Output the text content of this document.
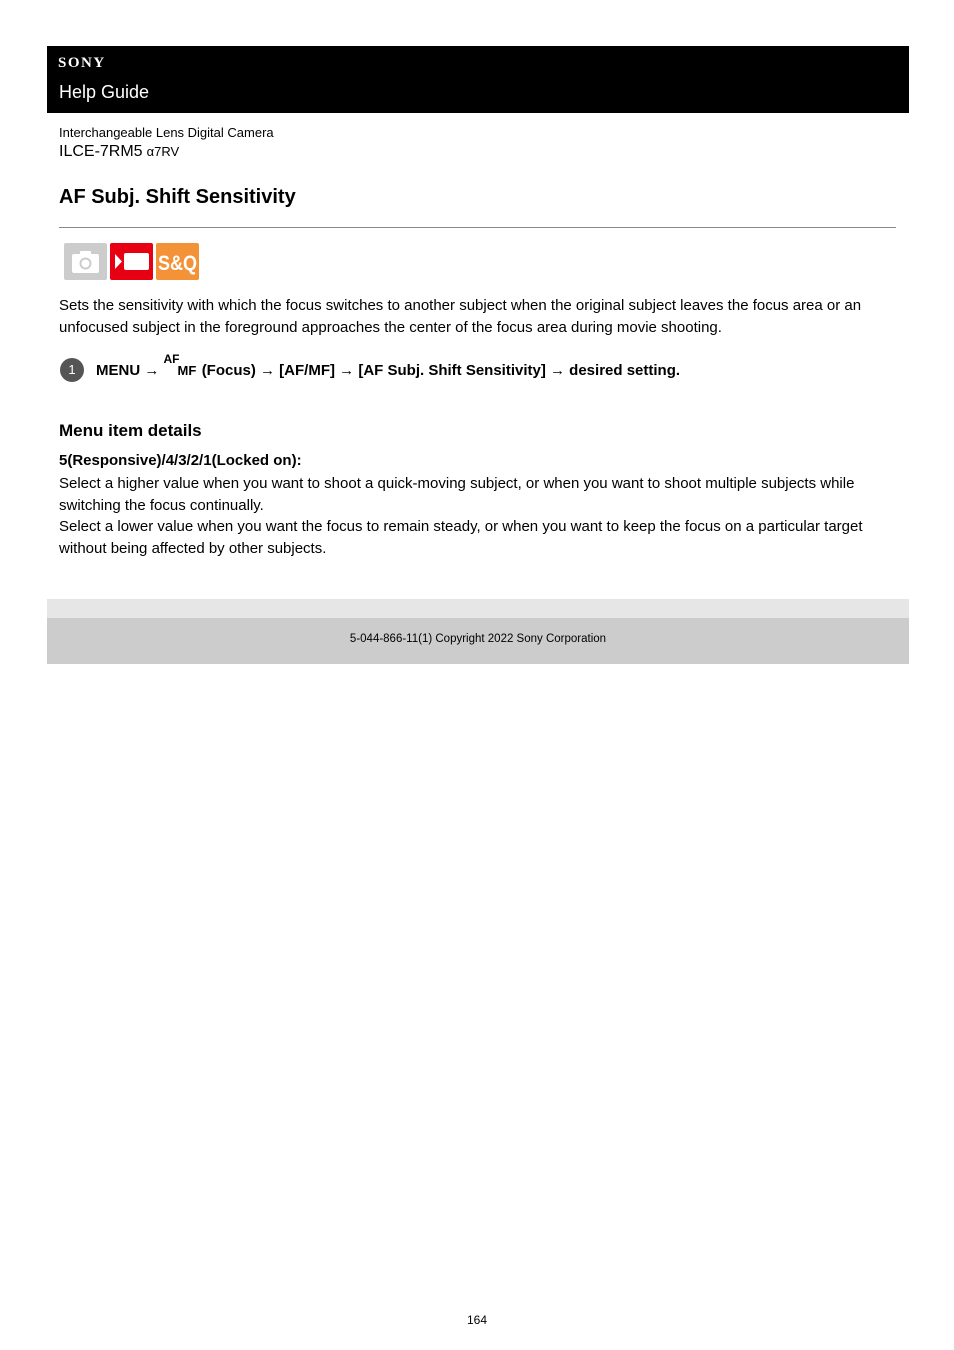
SONY
Help Guide
Interchangeable Lens Digital Camera
ILCE-7RM5 α7RV
AF Subj. Shift Sensitivity
S&Q

Sets the sensitivity with which the focus switches to another subject when the original subject leaves the focus area or an unfocused subject in the foreground approaches the center of the focus area during movie shooting.

1	MENU →
AF
MF (Focus) → [AF/MF] → [AF Subj. Shift Sensitivity] → desired setting.
Menu item details
5(Responsive)/4/3/2/1(Locked on):

Select a higher value when you want to shoot a quick-moving subject, or when you want to shoot multiple subjects while switching the focus continually.

Select a lower value when you want the focus to remain steady, or when you want to keep the focus on a particular target without being affected by other subjects.

5-044-866-11(1) Copyright 2022 Sony Corporation
164
